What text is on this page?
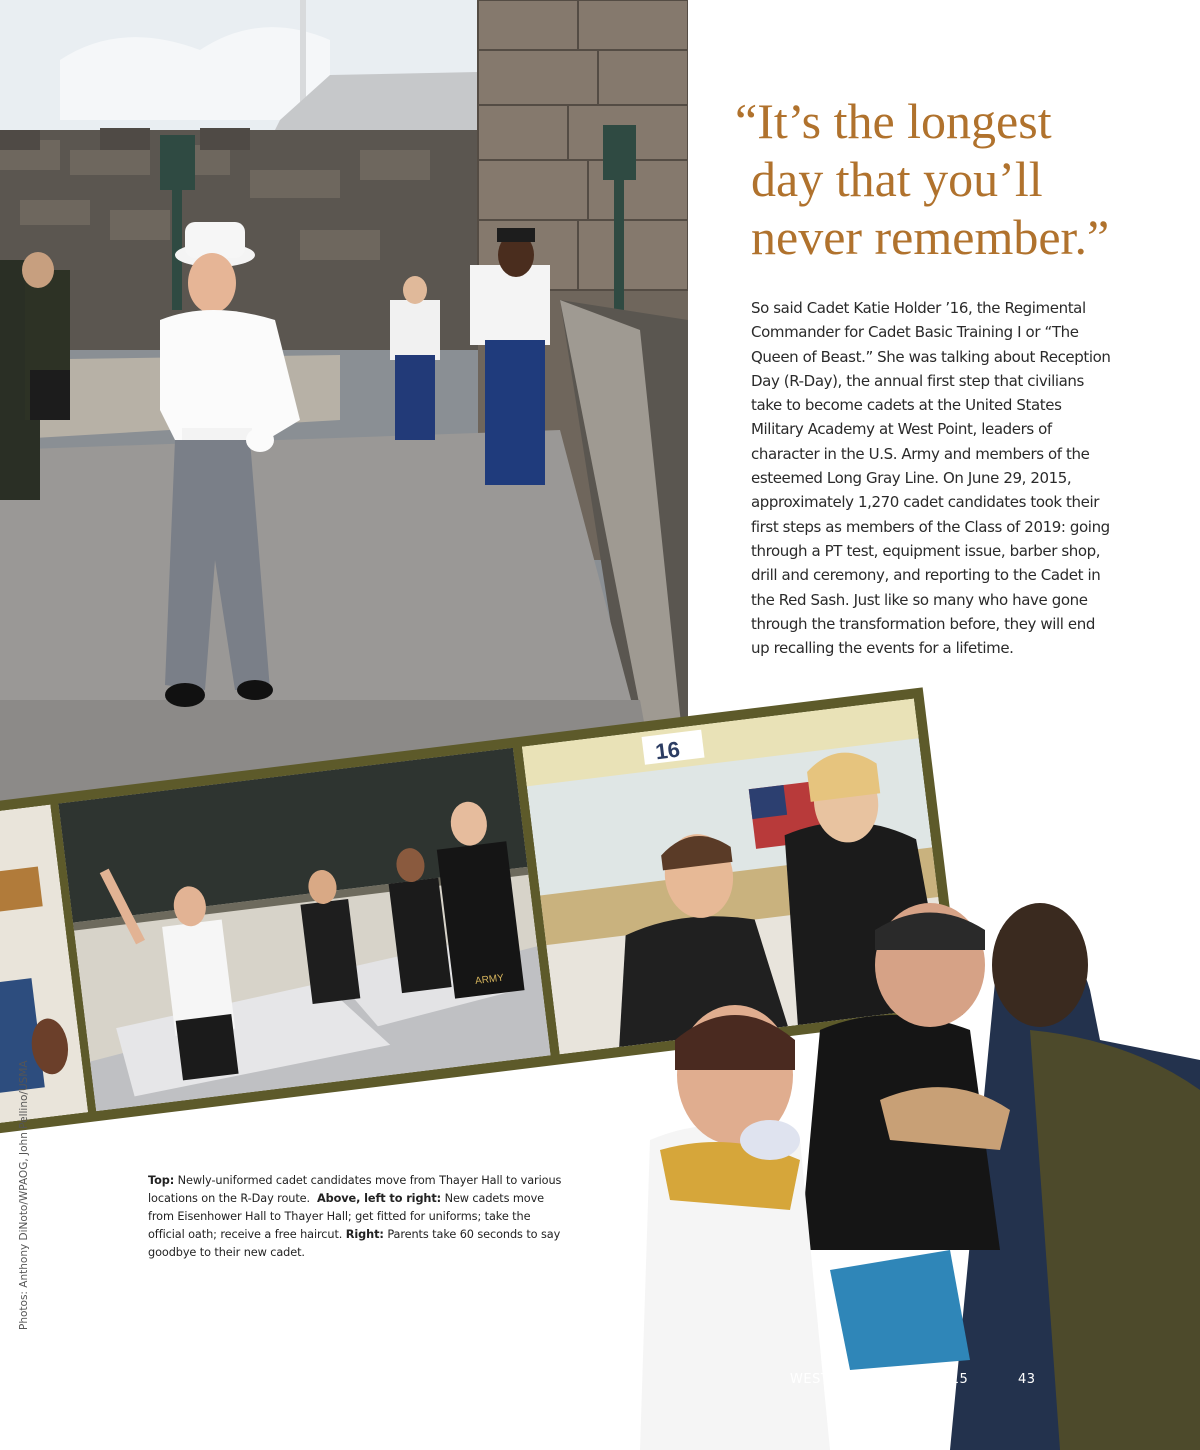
“It’s the longest
day that you’ll
never remember.”

So said Cadet Katie Holder ’16, the Regimental
Commander for Cadet Basic Training I or “The
Queen of Beast.” She was talking about Reception
Day (R-Day), the annual first step that civilians
take to become cadets at the United States
Military Academy at West Point, leaders of
character in the U.S. Army and members of the
esteemed Long Gray Line. On June 29, 2015,
approximately 1,270 cadet candidates took their
first steps as members of the Class of 2019: going
through a PT test, equipment issue, barber shop,
drill and ceremony, and reporting to the Cadet in
the Red Sash. Just like so many who have gone
through the transformation before, they will end
up recalling the events for a lifetime.

ARMY
16

Top: Newly-uniformed cadet candidates move from Thayer Hall to various locations on the R-Day route. Above, left to right: New cadets move from Eisenhower Hall to Thayer Hall; get fitted for uniforms; take the official oath; receive a free haircut. Right: Parents take 60 seconds to say goodbye to their new cadet.

Photos: Anthony DiNoto/WPAOG, John Pellino/USMA
WEST POINT | FALL 2015	43
